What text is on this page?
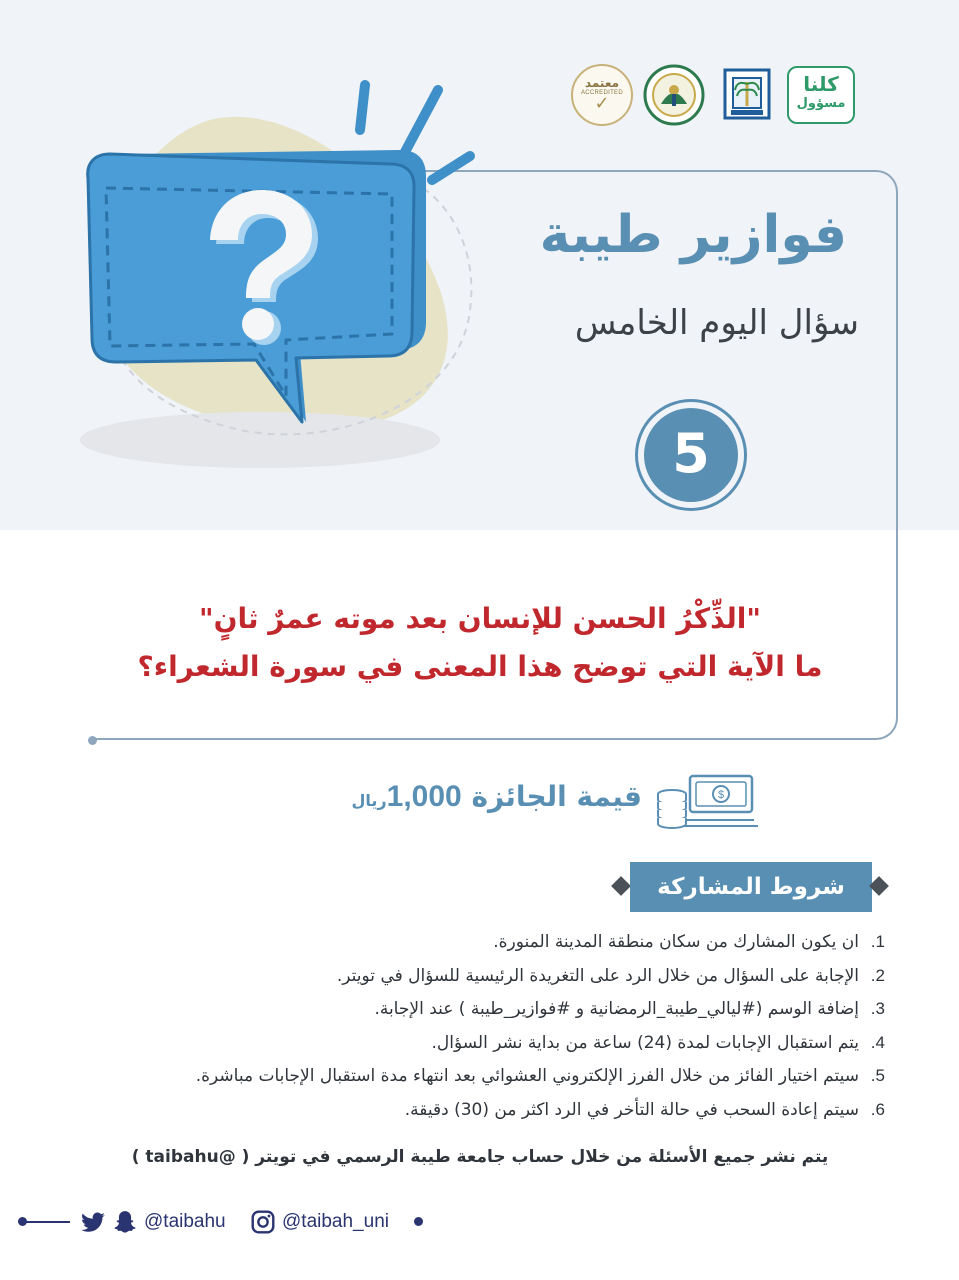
معتمد
ACCREDITED
✓
كلنا
مسؤول
فوازير طيبة
سؤال اليوم الخامس
5

"الذِّكْرُ الحسن للإنسان بعد موته عمرٌ ثانٍ"

ما الآية التي توضح هذا المعنى في سورة الشعراء؟

قيمة الجائزة 1,000ريال	$
شروط المشاركة
1.ان يكون المشارك من سكان منطقة المدينة المنورة.
2.الإجابة على السؤال من خلال الرد على التغريدة الرئيسية للسؤال في تويتر.
3.إضافة الوسم (#ليالي_طيبة_الرمضانية و #فوازير_طيبة ) عند الإجابة.
4.يتم استقبال الإجابات لمدة (24) ساعة من بداية نشر السؤال.
5.سيتم اختيار الفائز من خلال الفرز الإلكتروني العشوائي بعد انتهاء مدة استقبال الإجابات مباشرة.
6.سيتم إعادة السحب في حالة التأخر في الرد اكثر من (30) دقيقة.

يتم نشر جميع الأسئلة من خلال حساب جامعة طيبة الرسمي في تويتر ( @taibahu )

@taibahu	@taibah_uni
